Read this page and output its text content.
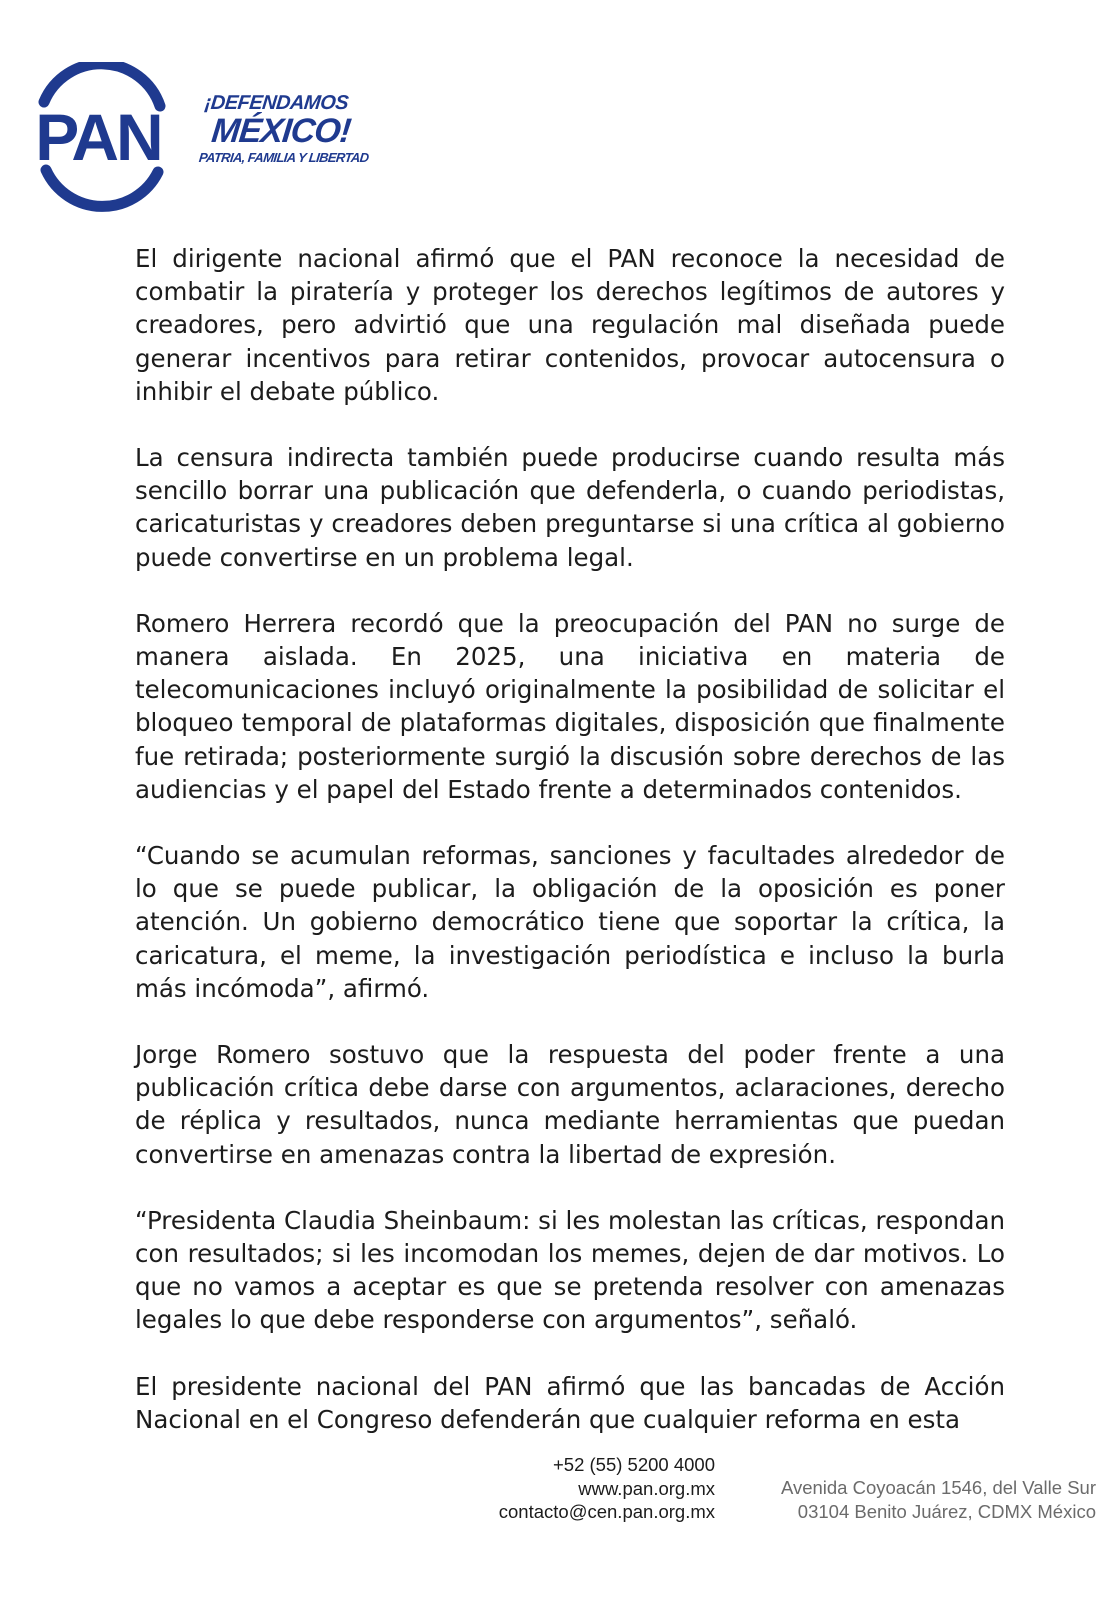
PAN ¡DEFENDAMOS
MÉXICO!
PATRIA, FAMILIA Y LIBERTAD

El dirigente nacional afirmó que el PAN reconoce la necesidad de combatir la piratería y proteger los derechos legítimos de autores y creadores, pero advirtió que una regulación mal diseñada puede generar incentivos para retirar contenidos, provocar autocensura o inhibir el debate público.

La censura indirecta también puede producirse cuando resulta más sencillo borrar una publicación que defenderla, o cuando periodistas, caricaturistas y creadores deben preguntarse si una crítica al gobierno puede convertirse en un problema legal.

Romero Herrera recordó que la preocupación del PAN no surge de manera aislada. En 2025, una iniciativa en materia de telecomunicaciones incluyó originalmente la posibilidad de solicitar el bloqueo temporal de plataformas digitales, disposición que finalmente fue retirada; posteriormente surgió la discusión sobre derechos de las audiencias y el papel del Estado frente a determinados contenidos.

“Cuando se acumulan reformas, sanciones y facultades alrededor de lo que se puede publicar, la obligación de la oposición es poner atención. Un gobierno democrático tiene que soportar la crítica, la caricatura, el meme, la investigación periodística e incluso la burla más incómoda”, afirmó.

Jorge Romero sostuvo que la respuesta del poder frente a una publicación crítica debe darse con argumentos, aclaraciones, derecho de réplica y resultados, nunca mediante herramientas que puedan convertirse en amenazas contra la libertad de expresión.

“Presidenta Claudia Sheinbaum: si les molestan las críticas, respondan con resultados; si les incomodan los memes, dejen de dar motivos. Lo que no vamos a aceptar es que se pretenda resolver con amenazas legales lo que debe responderse con argumentos”, señaló.

El presidente nacional del PAN afirmó que las bancadas de Acción Nacional en el Congreso defenderán que cualquier reforma en esta

+52 (55) 5200 4000
www.pan.org.mx
contacto@cen.pan.org.mx
Avenida Coyoacán 1546, del Valle Sur
03104 Benito Juárez, CDMX México
